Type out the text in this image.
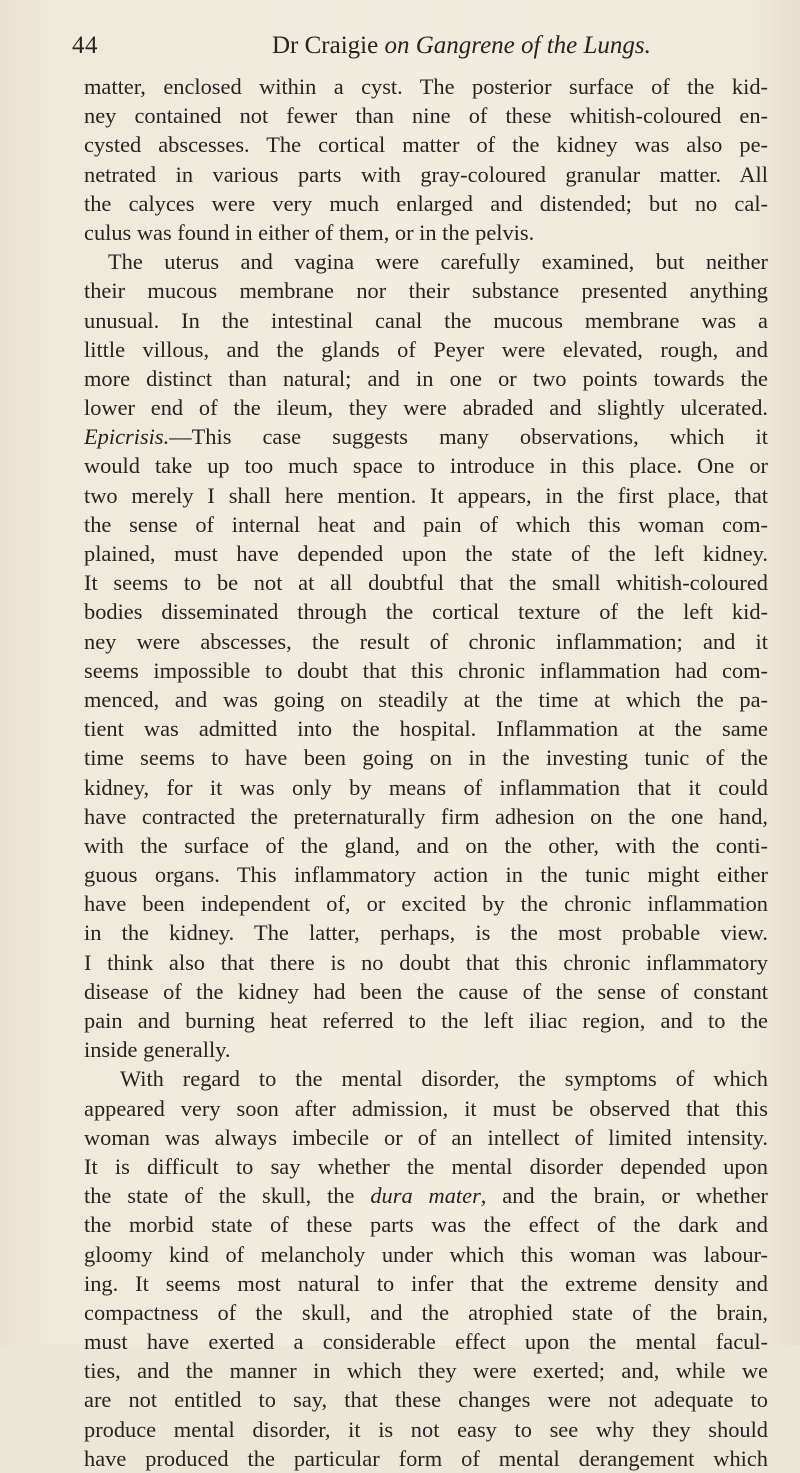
44	Dr Craigie on Gangrene of the Lungs.
matter, enclosed within a cyst. The posterior surface of the kid-
ney contained not fewer than nine of these whitish-coloured en-
cysted abscesses. The cortical matter of the kidney was also pe-
netrated in various parts with gray-coloured granular matter. All
the calyces were very much enlarged and distended; but no cal-
culus was found in either of them, or in the pelvis.
The uterus and vagina were carefully examined, but neither
their mucous membrane nor their substance presented anything
unusual. In the intestinal canal the mucous membrane was a
little villous, and the glands of Peyer were elevated, rough, and
more distinct than natural; and in one or two points towards the
lower end of the ileum, they were abraded and slightly ulcerated.
Epicrisis.—This case suggests many observations, which it
would take up too much space to introduce in this place. One or
two merely I shall here mention. It appears, in the first place, that
the sense of internal heat and pain of which this woman com-
plained, must have depended upon the state of the left kidney.
It seems to be not at all doubtful that the small whitish-coloured
bodies disseminated through the cortical texture of the left kid-
ney were abscesses, the result of chronic inflammation; and it
seems impossible to doubt that this chronic inflammation had com-
menced, and was going on steadily at the time at which the pa-
tient was admitted into the hospital. Inflammation at the same
time seems to have been going on in the investing tunic of the
kidney, for it was only by means of inflammation that it could
have contracted the preternaturally firm adhesion on the one hand,
with the surface of the gland, and on the other, with the conti-
guous organs. This inflammatory action in the tunic might either
have been independent of, or excited by the chronic inflammation
in the kidney. The latter, perhaps, is the most probable view.
I think also that there is no doubt that this chronic inflammatory
disease of the kidney had been the cause of the sense of constant
pain and burning heat referred to the left iliac region, and to the
inside generally.
With regard to the mental disorder, the symptoms of which
appeared very soon after admission, it must be observed that this
woman was always imbecile or of an intellect of limited intensity.
It is difficult to say whether the mental disorder depended upon
the state of the skull, the dura mater, and the brain, or whether
the morbid state of these parts was the effect of the dark and
gloomy kind of melancholy under which this woman was labour-
ing. It seems most natural to infer that the extreme density and
compactness of the skull, and the atrophied state of the brain,
must have exerted a considerable effect upon the mental facul-
ties, and the manner in which they were exerted; and, while we
are not entitled to say, that these changes were not adequate to
produce mental disorder, it is not easy to see why they should
have produced the particular form of mental derangement which
